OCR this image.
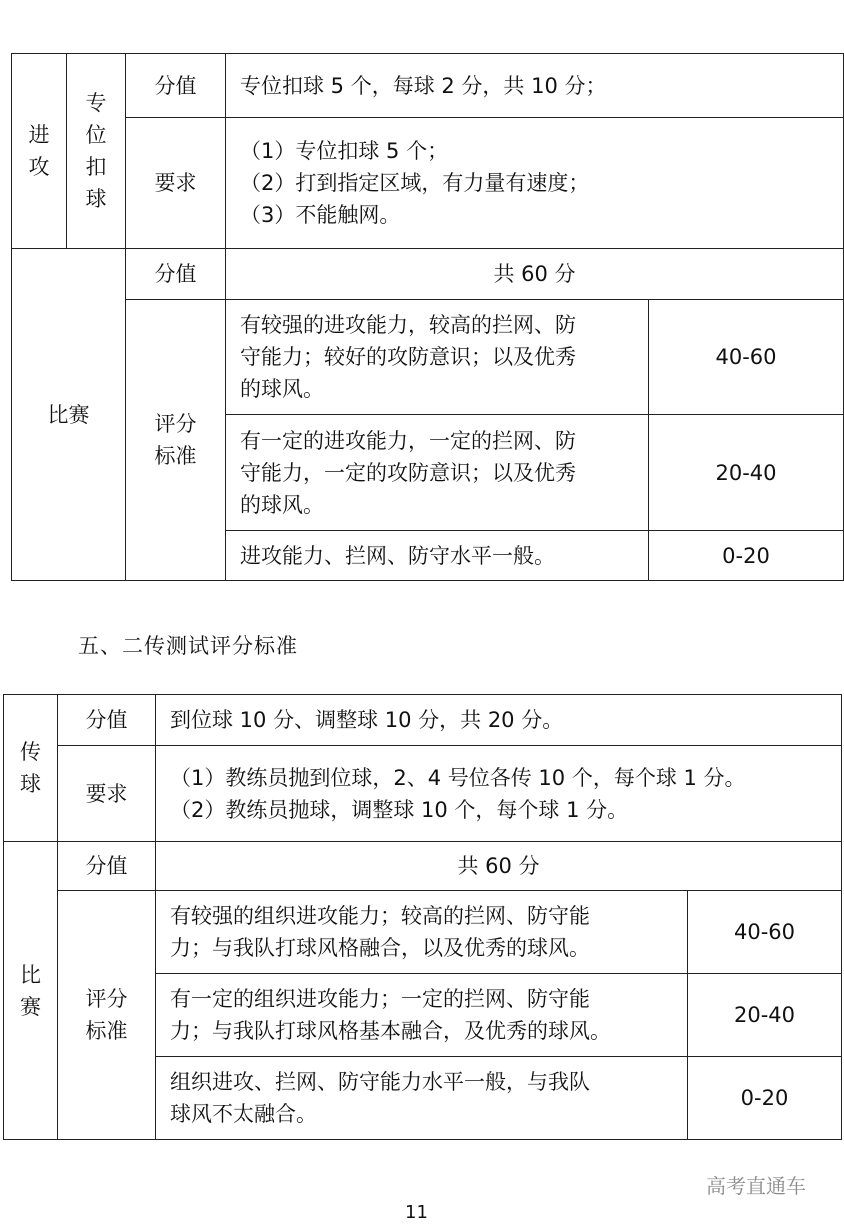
进攻	专位扣球	分值	专位扣球 5 个，每球 2 分，共 10 分；	
		要求	（1）专位扣球 5 个；
（2）打到指定区域，有力量有速度；
（3）不能触网。	

比赛		分值	共 60 分	
		评分标准	有较强的进攻能力，较高的拦网、防
守能力；较好的攻防意识；以及优秀
的球风。	40-60

			有一定的进攻能力，一定的拦网、防
守能力，一定的攻防意识；以及优秀
的球风。	20-40

			进攻能力、拦网、防守水平一般。	0-20
五、二传测试评分标准
传球	分值	到位球 10 分、调整球 10 分，共 20 分。	
	要求	（1）教练员抛到位球，2、4 号位各传 10 个，每个球 1 分。
（2）教练员抛球，调整球 10 个，每个球 1 分。	

比赛	分值	共 60 分	
	评分标准	有较强的组织进攻能力；较高的拦网、防守能
力；与我队打球风格融合，以及优秀的球风。	40-60

		有一定的组织进攻能力；一定的拦网、防守能
力；与我队打球风格基本融合，及优秀的球风。	20-40

		组织进攻、拦网、防守能力水平一般，与我队
球风不太融合。	0-20
高考直通车
11
